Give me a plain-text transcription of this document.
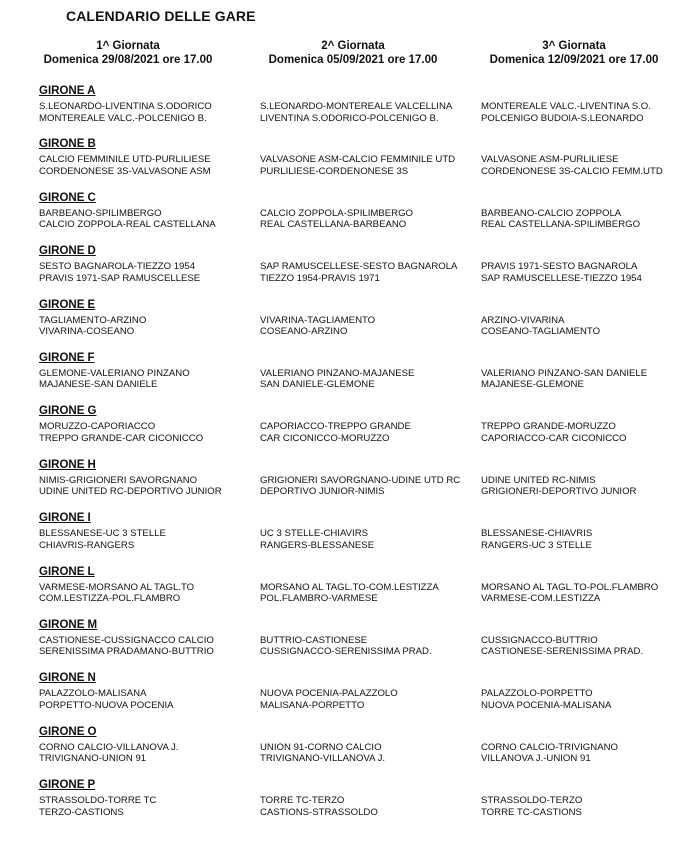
CALENDARIO DELLE GARE
1^ Giornata
Domenica 29/08/2021 ore 17.00
2^ Giornata
Domenica 05/09/2021 ore 17.00
3^ Giornata
Domenica 12/09/2021 ore 17.00
GIRONE A
S.LEONARDO-LIVENTINA S.ODORICO
MONTEREALE VALC.-POLCENIGO B.
S.LEONARDO-MONTEREALE VALCELLINA
LIVENTINA S.ODORICO-POLCENIGO B.
MONTEREALE VALC.-LIVENTINA S.O.
POLCENIGO BUDOIA-S.LEONARDO
GIRONE B
CALCIO FEMMINILE UTD-PURLILIESE
CORDENONESE 3S-VALVASONE ASM
VALVASONE ASM-CALCIO FEMMINILE UTD
PURLILIESE-CORDENONESE 3S
VALVASONE ASM-PURLILIESE
CORDENONESE 3S-CALCIO FEMM.UTD
GIRONE C
BARBEANO-SPILIMBERGO
CALCIO ZOPPOLA-REAL CASTELLANA
CALCIO ZOPPOLA-SPILIMBERGO
REAL CASTELLANA-BARBEANO
BARBEANO-CALCIO ZOPPOLA
REAL CASTELLANA-SPILIMBERGO
GIRONE D
SESTO BAGNAROLA-TIEZZO 1954
PRAVIS 1971-SAP RAMUSCELLESE
SAP RAMUSCELLESE-SESTO BAGNAROLA
TIEZZO 1954-PRAVIS 1971
PRAVIS 1971-SESTO BAGNAROLA
SAP RAMUSCELLESE-TIEZZO 1954
GIRONE E
TAGLIAMENTO-ARZINO
VIVARINA-COSEANO
VIVARINA-TAGLIAMENTO
COSEANO-ARZINO
ARZINO-VIVARINA
COSEANO-TAGLIAMENTO
GIRONE F
GLEMONE-VALERIANO PINZANO
MAJANESE-SAN DANIELE
VALERIANO PINZANO-MAJANESE
SAN DANIELE-GLEMONE
VALERIANO PINZANO-SAN DANIELE
MAJANESE-GLEMONE
GIRONE G
MORUZZO-CAPORIACCO
TREPPO GRANDE-CAR CICONICCO
CAPORIACCO-TREPPO GRANDE
CAR CICONICCO-MORUZZO
TREPPO GRANDE-MORUZZO
CAPORIACCO-CAR CICONICCO
GIRONE H
NIMIS-GRIGIONERI SAVORGNANO
UDINE UNITED RC-DEPORTIVO JUNIOR
GRIGIONERI SAVORGNANO-UDINE UTD RC
DEPORTIVO JUNIOR-NIMIS
UDINE UNITED RC-NIMIS
GRIGIONERI-DEPORTIVO JUNIOR
GIRONE I
BLESSANESE-UC 3 STELLE
CHIAVRIS-RANGERS
UC 3 STELLE-CHIAVIRS
RANGERS-BLESSANESE
BLESSANESE-CHIAVRIS
RANGERS-UC 3 STELLE
GIRONE L
VARMESE-MORSANO AL TAGL.TO
COM.LESTIZZA-POL.FLAMBRO
MORSANO AL TAGL.TO-COM.LESTIZZA
POL.FLAMBRO-VARMESE
MORSANO AL TAGL.TO-POL.FLAMBRO
VARMESE-COM.LESTIZZA
GIRONE M
CASTIONESE-CUSSIGNACCO CALCIO
SERENISSIMA PRADAMANO-BUTTRIO
BUTTRIO-CASTIONESE
CUSSIGNACCO-SERENISSIMA PRAD.
CUSSIGNACCO-BUTTRIO
CASTIONESE-SERENISSIMA PRAD.
GIRONE N
PALAZZOLO-MALISANA
PORPETTO-NUOVA POCENIA
NUOVA POCENIA-PALAZZOLO
MALISANA-PORPETTO
PALAZZOLO-PORPETTO
NUOVA POCENIA-MALISANA
GIRONE O
CORNO CALCIO-VILLANOVA J.
TRIVIGNANO-UNION 91
UNION 91-CORNO CALCIO
TRIVIGNANO-VILLANOVA J.
CORNO CALCIO-TRIVIGNANO
VILLANOVA J.-UNION 91
GIRONE P
STRASSOLDO-TORRE TC
TERZO-CASTIONS
TORRE TC-TERZO
CASTIONS-STRASSOLDO
STRASSOLDO-TERZO
TORRE TC-CASTIONS
